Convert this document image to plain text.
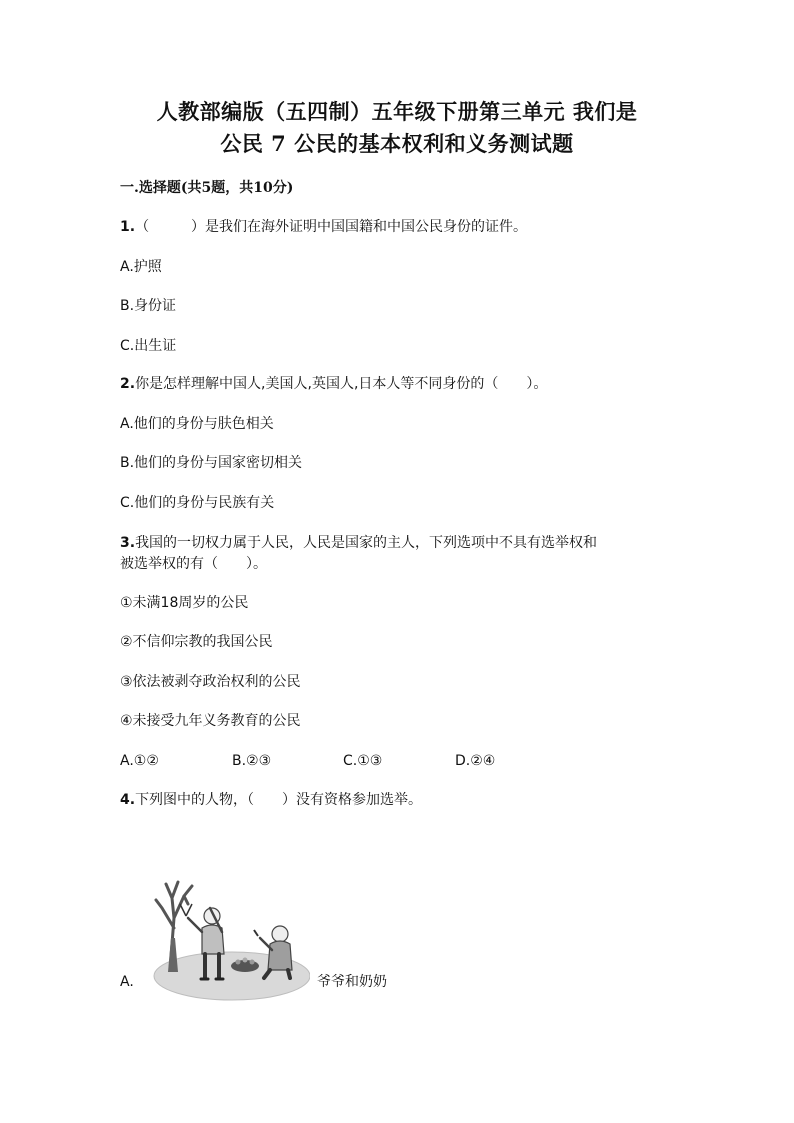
人教部编版（五四制）五年级下册第三单元 我们是
公民 7 公民的基本权利和义务测试题
一.选择题(共5题，共10分)
1.（　　　）是我们在海外证明中国国籍和中国公民身份的证件。
A.护照
B.身份证
C.出生证
2.你是怎样理解中国人,美国人,英国人,日本人等不同身份的（　　）。
A.他们的身份与肤色相关
B.他们的身份与国家密切相关
C.他们的身份与民族有关
3.我国的一切权力属于人民，人民是国家的主人，下列选项中不具有选举权和
被选举权的有（　　）。
①未满18周岁的公民
②不信仰宗教的我国公民
③依法被剥夺政治权利的公民
④未接受九年义务教育的公民
A.①②	B.②③	C.①③	D.②④
4.下列图中的人物，（　　）没有资格参加选举。
A.	爷爷和奶奶
